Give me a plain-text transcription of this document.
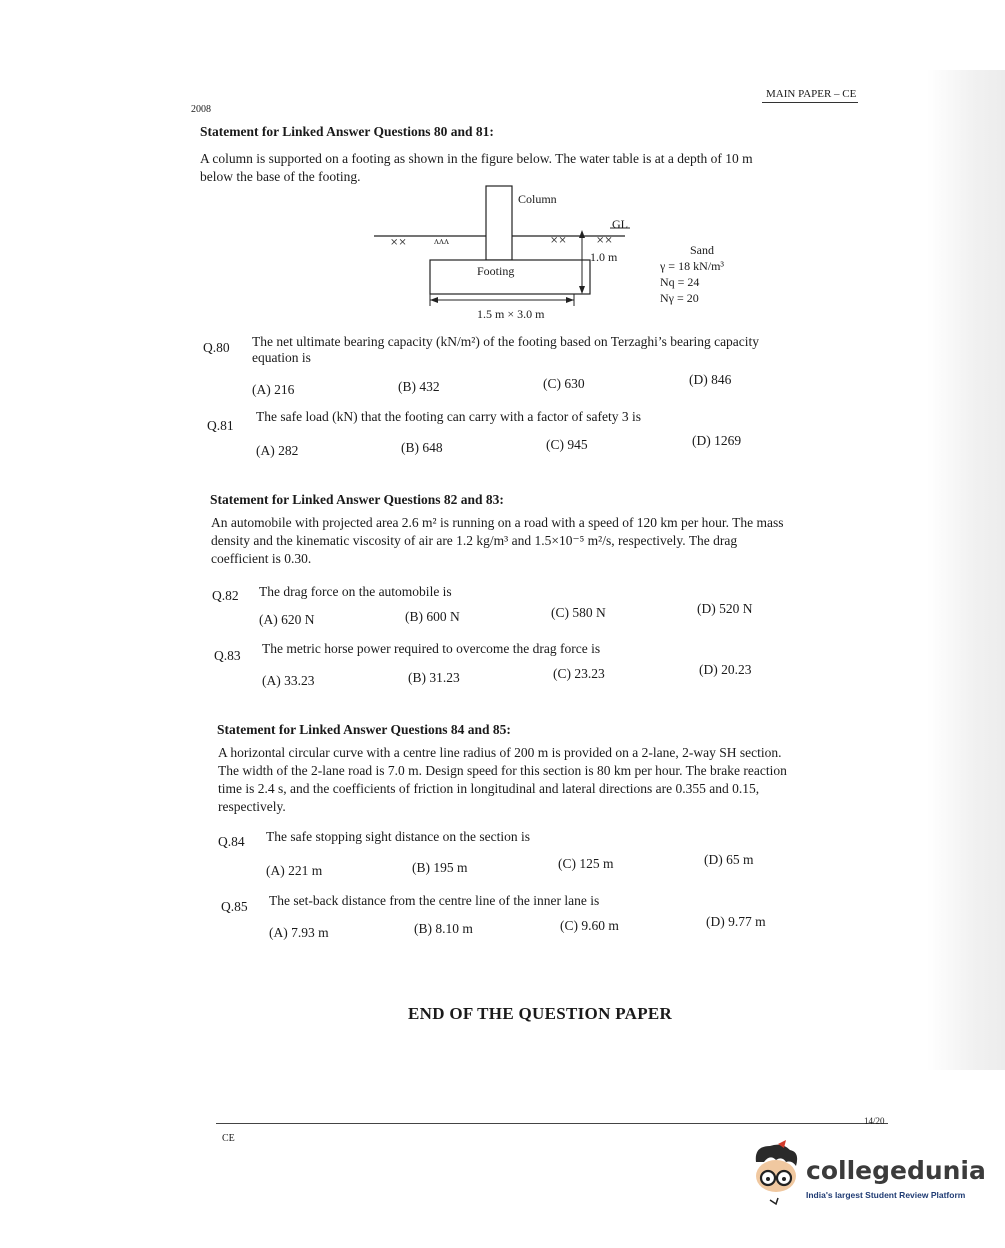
MAIN PAPER – CE
2008
Statement for Linked Answer Questions 80 and 81:
A column is supported on a footing as shown in the figure below. The water table is at a depth of 10 m
below the base of the footing.
⨯⨯	ʌʌʌ	⨯⨯	⨯⨯
Column
GL
1.0 m
Footing
1.5 m × 3.0 m
Sand
γ = 18 kN/m³
Nq = 24
Nγ = 20
Q.80 The net ultimate bearing capacity (kN/m²) of the footing based on Terzaghi’s bearing capacity
equation is
(A) 216	(B) 432	(C) 630	(D) 846
Q.81
The safe load (kN) that the footing can carry with a factor of safety 3 is
(A) 282	(B) 648	(C) 945	(D) 1269
Statement for Linked Answer Questions 82 and 83:
An automobile with projected area 2.6 m² is running on a road with a speed of 120 km per hour. The mass
density and the kinematic viscosity of air are 1.2 kg/m³ and 1.5×10⁻⁵ m²/s, respectively. The drag
coefficient is 0.30.
Q.82 The drag force on the automobile is
(A) 620 N	(B) 600 N	(C) 580 N	(D) 520 N
Q.83 The metric horse power required to overcome the drag force is
(A) 33.23	(B) 31.23	(C) 23.23	(D) 20.23
Statement for Linked Answer Questions 84 and 85:
A horizontal circular curve with a centre line radius of 200 m is provided on a 2-lane, 2-way SH section.
The width of the 2-lane road is 7.0 m. Design speed for this section is 80 km per hour. The brake reaction
time is 2.4 s, and the coefficients of friction in longitudinal and lateral directions are 0.355 and 0.15,
respectively.
Q.84 The safe stopping sight distance on the section is
(A) 221 m	(B) 195 m	(C) 125 m	(D) 65 m
Q.85 The set-back distance from the centre line of the inner lane is
(A) 7.93 m	(B) 8.10 m	(C) 9.60 m	(D) 9.77 m
END OF THE QUESTION PAPER
CE
14/20
collegedunia
India's largest Student Review Platform
